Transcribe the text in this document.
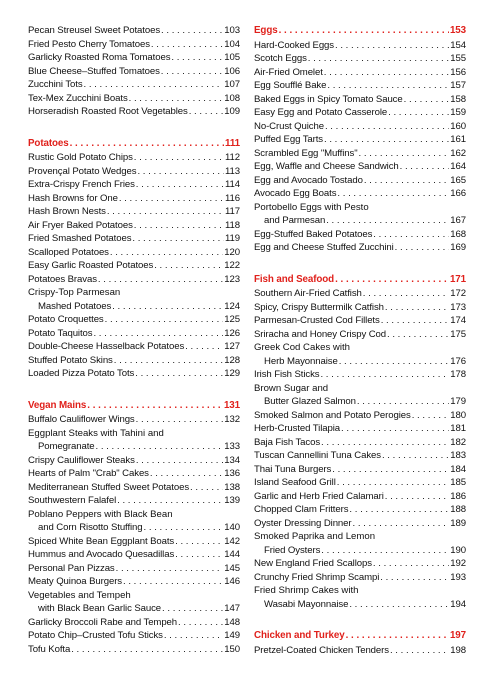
Pecan Streusel Sweet Potatoes . . .	103
Fried Pesto Cherry Tomatoes . . .	104
Garlicky Roasted Roma Tomatoes . . .	105
Blue Cheese–Stuffed Tomatoes . . .	106
Zucchini Tots . . .	107
Tex-Mex Zucchini Boats . . .	108
Horseradish Roasted Root Vegetables . . .	109
Potatoes . . .	111
Rustic Gold Potato Chips . . .	112
Provençal Potato Wedges . . .	113
Extra-Crispy French Fries . . .	114
Hash Browns for One . . .	116
Hash Brown Nests . . .	117
Air Fryer Baked Potatoes . . .	118
Fried Smashed Potatoes . . .	119
Scalloped Potatoes . . .	120
Easy Garlic Roasted Potatoes . . .	122
Potatoes Bravas . . .	123
Crispy-Top Parmesan
Mashed Potatoes . . .	124
Potato Croquettes . . .	125
Potato Taquitos . . .	126
Double-Cheese Hasselback Potatoes . . .	127
Stuffed Potato Skins . . .	128
Loaded Pizza Potato Tots . . .	129
Vegan Mains . . .	131
Buffalo Cauliflower Wings . . .	132
Eggplant Steaks with Tahini and
Pomegranate . . .	133
Crispy Cauliflower Steaks . . .	134
Hearts of Palm "Crab" Cakes . . .	136
Mediterranean Stuffed Sweet Potatoes . . .	138
Southwestern Falafel . . .	139
Poblano Peppers with Black Bean
and Corn Risotto Stuffing . . .	140
Spiced White Bean Eggplant Boats . . .	142
Hummus and Avocado Quesadillas . . .	144
Personal Pan Pizzas . . .	145
Meaty Quinoa Burgers . . .	146
Vegetables and Tempeh
with Black Bean Garlic Sauce . . .	147
Garlicky Broccoli Rabe and Tempeh . . .	148
Potato Chip–Crusted Tofu Sticks . . .	149
Tofu Kofta . . .	150
Eggs . . .	153
Hard-Cooked Eggs . . .	154
Scotch Eggs . . .	155
Air-Fried Omelet . . .	156
Egg Soufflé Bake . . .	157
Baked Eggs in Spicy Tomato Sauce . . .	158
Easy Egg and Potato Casserole . . .	159
No-Crust Quiche . . .	160
Puffed Egg Tarts . . .	161
Scrambled Egg "Muffins" . . .	162
Egg, Waffle and Cheese Sandwich . . .	164
Egg and Avocado Tostado . . .	165
Avocado Egg Boats . . .	166
Portobello Eggs with Pesto
and Parmesan . . .	167
Egg-Stuffed Baked Potatoes . . .	168
Egg and Cheese Stuffed Zucchini . . .	169
Fish and Seafood . . .	171
Southern Air-Fried Catfish . . .	172
Spicy, Crispy Buttermilk Catfish . . .	173
Parmesan-Crusted Cod Fillets . . .	174
Sriracha and Honey Crispy Cod . . .	175
Greek Cod Cakes with
Herb Mayonnaise . . .	176
Irish Fish Sticks . . .	178
Brown Sugar and
Butter Glazed Salmon . . .	179
Smoked Salmon and Potato Perogies . . .	180
Herb-Crusted Tilapia . . .	181
Baja Fish Tacos . . .	182
Tuscan Cannellini Tuna Cakes . . .	183
Thai Tuna Burgers . . .	184
Island Seafood Grill . . .	185
Garlic and Herb Fried Calamari . . .	186
Chopped Clam Fritters . . .	188
Oyster Dressing Dinner . . .	189
Smoked Paprika and Lemon
Fried Oysters . . .	190
New England Fried Scallops . . .	192
Crunchy Fried Shrimp Scampi . . .	193
Fried Shrimp Cakes with
Wasabi Mayonnaise . . .	194
Chicken and Turkey . . .	197
Pretzel-Coated Chicken Tenders . . .	198
